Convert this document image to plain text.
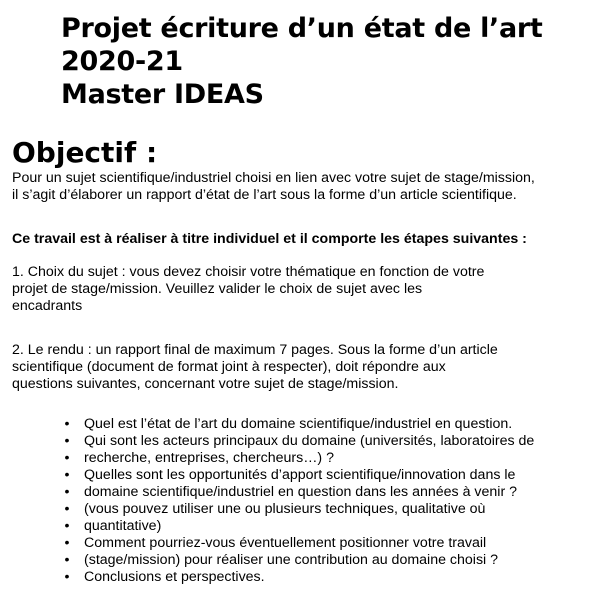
Projet écriture d’un état de l’art
2020-21
Master IDEAS
Objectif :
Pour un sujet scientifique/industriel choisi en lien avec votre sujet de stage/mission,
il s’agit d’élaborer un rapport d’état de l’art sous la forme d’un article scientifique.
Ce travail est à réaliser à titre individuel et il comporte les étapes suivantes :
1. Choix du sujet : vous devez choisir votre thématique en fonction de votre
projet de stage/mission. Veuillez valider le choix de sujet avec les
encadrants
2. Le rendu : un rapport final de maximum 7 pages. Sous la forme d’un article
scientifique (document de format joint à respecter), doit répondre aux
questions suivantes, concernant votre sujet de stage/mission.
• Quel est l’état de l’art du domaine scientifique/industriel en question.
• Qui sont les acteurs principaux du domaine (universités, laboratoires de
• recherche, entreprises, chercheurs…) ?
• Quelles sont les opportunités d’apport scientifique/innovation dans le
• domaine scientifique/industriel en question dans les années à venir ?
• (vous pouvez utiliser une ou plusieurs techniques, qualitative où
• quantitative)
• Comment pourriez-vous éventuellement positionner votre travail
• (stage/mission) pour réaliser une contribution au domaine choisi ?
• Conclusions et perspectives.
